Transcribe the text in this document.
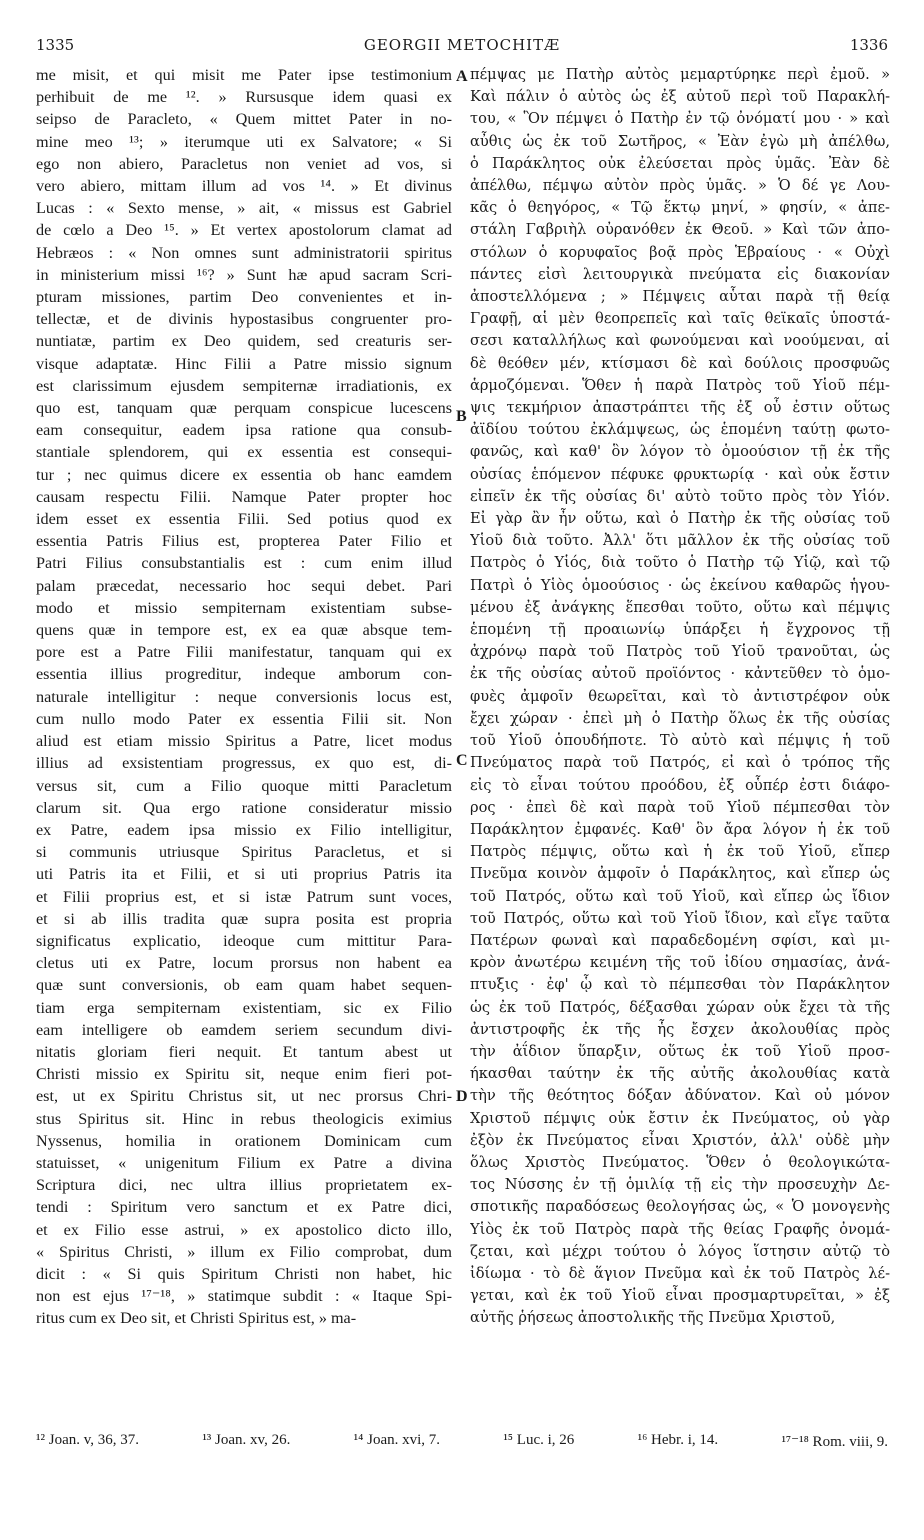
1335	GEORGII METOCHITÆ	1336
me misit, et qui misit me Pater ipse testimonium
perhibuit de me ¹². » Rursusque idem quasi ex
seipso de Paracleto, « Quem mittet Pater in no-
mine meo ¹³; » iterumque uti ex Salvatore; « Si
ego non abiero, Paracletus non veniet ad vos, si
vero abiero, mittam illum ad vos ¹⁴. » Et divinus
Lucas : « Sexto mense, » ait, « missus est Gabriel
de cœlo a Deo ¹⁵. » Et vertex apostolorum clamat ad
Hebræos : « Non omnes sunt administratorii spiritus
in ministerium missi ¹⁶? » Sunt hæ apud sacram Scri-
pturam missiones, partim Deo convenientes et in-
tellectæ, et de divinis hypostasibus congruenter pro-
nuntiatæ, partim ex Deo quidem, sed creaturis ser-
visque adaptatæ. Hinc Filii a Patre missio signum
est clarissimum ejusdem sempiternæ irradiationis, ex
quo est, tanquam quæ perquam conspicue lucescens
eam consequitur, eadem ipsa ratione qua consub-
stantiale splendorem, qui ex essentia est consequi-
tur ; nec quimus dicere ex essentia ob hanc eamdem
causam respectu Filii. Namque Pater propter hoc
idem esset ex essentia Filii. Sed potius quod ex
essentia Patris Filius est, propterea Pater Filio et
Patri Filius consubstantialis est : cum enim illud
palam præcedat, necessario hoc sequi debet. Pari
modo et missio sempiternam existentiam subse-
quens quæ in tempore est, ex ea quæ absque tem-
pore est a Patre Filii manifestatur, tanquam qui ex
essentia illius progreditur, indeque amborum con-
naturale intelligitur : neque conversionis locus est,
cum nullo modo Pater ex essentia Filii sit. Non
aliud est etiam missio Spiritus a Patre, licet modus
illius ad exsistentiam progressus, ex quo est, di-
versus sit, cum a Filio quoque mitti Paracletum
clarum sit. Qua ergo ratione consideratur missio
ex Patre, eadem ipsa missio ex Filio intelligitur,
si communis utriusque Spiritus Paracletus, et si
uti Patris ita et Filii, et si uti proprius Patris ita
et Filii proprius est, et si istæ Patrum sunt voces,
et si ab illis tradita quæ supra posita est propria
significatus explicatio, ideoque cum mittitur Para-
cletus uti ex Patre, locum prorsus non habent ea
quæ sunt conversionis, ob eam quam habet sequen-
tiam erga sempiternam existentiam, sic ex Filio
eam intelligere ob eamdem seriem secundum divi-
nitatis gloriam fieri nequit. Et tantum abest ut
Christi missio ex Spiritu sit, neque enim fieri pot-
est, ut ex Spiritu Christus sit, ut nec prorsus Chri-
stus Spiritus sit. Hinc in rebus theologicis eximius
Nyssenus, homilia in orationem Dominicam cum
statuisset, « unigenitum Filium ex Patre a divina
Scriptura dici, nec ultra illius proprietatem ex-
tendi : Spiritum vero sanctum et ex Patre dici,
et ex Filio esse astrui, » ex apostolico dicto illo,
« Spiritus Christi, » illum ex Filio comprobat, dum
dicit : « Si quis Spiritum Christi non habet, hic
non est ejus ¹⁷⁻¹⁸, » statimque subdit : « Itaque Spi-
ritus cum ex Deo sit, et Christi Spiritus est, » ma-
πέμψας με Πατὴρ αὐτὸς μεμαρτύρηκε περὶ ἐμοῦ. »
Καὶ πάλιν ὁ αὐτὸς ὡς ἐξ αὐτοῦ περὶ τοῦ Παρακλή-
του, « Ὃν πέμψει ὁ Πατὴρ ἐν τῷ ὀνόματί μου · » καὶ
αὖθις ὡς ἐκ τοῦ Σωτῆρος, « Ἐὰν ἐγὼ μὴ ἀπέλθω,
ὁ Παράκλητος οὐκ ἐλεύσεται πρὸς ὑμᾶς. Ἐὰν δὲ
ἀπέλθω, πέμψω αὐτὸν πρὸς ὑμᾶς. » Ὁ δέ γε Λου-
κᾶς ὁ θεηγόρος, « Τῷ ἕκτῳ μηνί, » φησίν, « ἀπε-
στάλη Γαβριὴλ οὐρανόθεν ἐκ Θεοῦ. » Καὶ τῶν ἀπο-
στόλων ὁ κορυφαῖος βοᾷ πρὸς Ἑβραίους · « Οὐχὶ
πάντες εἰσὶ λειτουργικὰ πνεύματα εἰς διακονίαν
ἀποστελλόμενα ; » Πέμψεις αὗται παρὰ τῇ θείᾳ
Γραφῇ, αἱ μὲν θεοπρεπεῖς καὶ ταῖς θεϊκαῖς ὑποστά-
σεσι καταλλήλως καὶ φωνούμεναι καὶ νοούμεναι, αἱ
δὲ θεόθεν μέν, κτίσμασι δὲ καὶ δούλοις προσφυῶς
ἁρμοζόμεναι. Ὅθεν ἡ παρὰ Πατρὸς τοῦ Υἱοῦ πέμ-
ψις τεκμήριον ἀπαστράπτει τῆς ἐξ οὗ ἐστιν οὕτως
ἀϊδίου τούτου ἐκλάμψεως, ὡς ἑπομένη ταύτῃ φωτο-
φανῶς, καὶ καθ' ὃν λόγον τὸ ὁμοούσιον τῇ ἐκ τῆς
οὐσίας ἑπόμενον πέφυκε φρυκτωρίᾳ · καὶ οὐκ ἔστιν
εἰπεῖν ἐκ τῆς οὐσίας δι' αὐτὸ τοῦτο πρὸς τὸν Υἱόν.
Εἰ γὰρ ἂν ἦν οὕτω, καὶ ὁ Πατὴρ ἐκ τῆς οὐσίας τοῦ
Υἱοῦ διὰ τοῦτο. Ἀλλ' ὅτι μᾶλλον ἐκ τῆς οὐσίας τοῦ
Πατρὸς ὁ Υἱός, διὰ τοῦτο ὁ Πατὴρ τῷ Υἱῷ, καὶ τῷ
Πατρὶ ὁ Υἱὸς ὁμοούσιος · ὡς ἐκείνου καθαρῶς ἡγου-
μένου ἐξ ἀνάγκης ἕπεσθαι τοῦτο, οὕτω καὶ πέμψις
ἑπομένη τῇ προαιωνίῳ ὑπάρξει ἡ ἔγχρονος τῇ
ἀχρόνῳ παρὰ τοῦ Πατρὸς τοῦ Υἱοῦ τρανοῦται, ὡς
ἐκ τῆς οὐσίας αὐτοῦ προϊόντος · κἀντεῦθεν τὸ ὁμο-
φυὲς ἀμφοῖν θεωρεῖται, καὶ τὸ ἀντιστρέφον οὐκ
ἔχει χώραν · ἐπεὶ μὴ ὁ Πατὴρ ὅλως ἐκ τῆς οὐσίας
τοῦ Υἱοῦ ὁπουδήποτε. Τὸ αὐτὸ καὶ πέμψις ἡ τοῦ
Πνεύματος παρὰ τοῦ Πατρός, εἰ καὶ ὁ τρόπος τῆς
εἰς τὸ εἶναι τούτου προόδου, ἐξ οὗπέρ ἐστι διάφο-
ρος · ἐπεὶ δὲ καὶ παρὰ τοῦ Υἱοῦ πέμπεσθαι τὸν
Παράκλητον ἐμφανές. Καθ' ὃν ἄρα λόγον ἡ ἐκ τοῦ
Πατρὸς πέμψις, οὕτω καὶ ἡ ἐκ τοῦ Υἱοῦ, εἴπερ
Πνεῦμα κοινὸν ἀμφοῖν ὁ Παράκλητος, καὶ εἴπερ ὡς
τοῦ Πατρός, οὕτω καὶ τοῦ Υἱοῦ, καὶ εἴπερ ὡς ἴδιον
τοῦ Πατρός, οὕτω καὶ τοῦ Υἱοῦ ἴδιον, καὶ εἴγε ταῦτα
Πατέρων φωναὶ καὶ παραδεδομένη σφίσι, καὶ μι-
κρὸν ἀνωτέρω κειμένη τῆς τοῦ ἰδίου σημασίας, ἀνά-
πτυξις · ἐφ' ᾧ καὶ τὸ πέμπεσθαι τὸν Παράκλητον
ὡς ἐκ τοῦ Πατρός, δέξασθαι χώραν οὐκ ἔχει τὰ τῆς
ἀντιστροφῆς ἐκ τῆς ἧς ἔσχεν ἀκολουθίας πρὸς
τὴν ἀΐδιον ὕπαρξιν, οὕτως ἐκ τοῦ Υἱοῦ προσ-
ήκασθαι ταύτην ἐκ τῆς αὐτῆς ἀκολουθίας κατὰ
τὴν τῆς θεότητος δόξαν ἀδύνατον. Καὶ οὐ μόνον
Χριστοῦ πέμψις οὐκ ἔστιν ἐκ Πνεύματος, οὐ γὰρ
ἐξὸν ἐκ Πνεύματος εἶναι Χριστόν, ἀλλ' οὐδὲ μὴν
ὅλως Χριστὸς Πνεύματος. Ὅθεν ὁ θεολογικώτα-
τος Νύσσης ἐν τῇ ὁμιλίᾳ τῇ εἰς τὴν προσευχὴν Δε-
σποτικῆς παραδόσεως θεολογήσας ὡς, « Ὁ μονογενὴς
Υἱὸς ἐκ τοῦ Πατρὸς παρὰ τῆς θείας Γραφῆς ὀνομά-
ζεται, καὶ μέχρι τούτου ὁ λόγος ἵστησιν αὐτῷ τὸ
ἰδίωμα · τὸ δὲ ἅγιον Πνεῦμα καὶ ἐκ τοῦ Πατρὸς λέ-
γεται, καὶ ἐκ τοῦ Υἱοῦ εἶναι προσμαρτυρεῖται, » ἐξ
αὐτῆς ῥήσεως ἀποστολικῆς τῆς Πνεῦμα Χριστοῦ,
A
B
C
D
¹² Joan. v, 36, 37.	¹³ Joan. xv, 26.	¹⁴ Joan. xvi, 7.	¹⁵ Luc. i, 26	¹⁶ Hebr. i, 14.	¹⁷⁻¹⁸ Rom. viii, 9.
